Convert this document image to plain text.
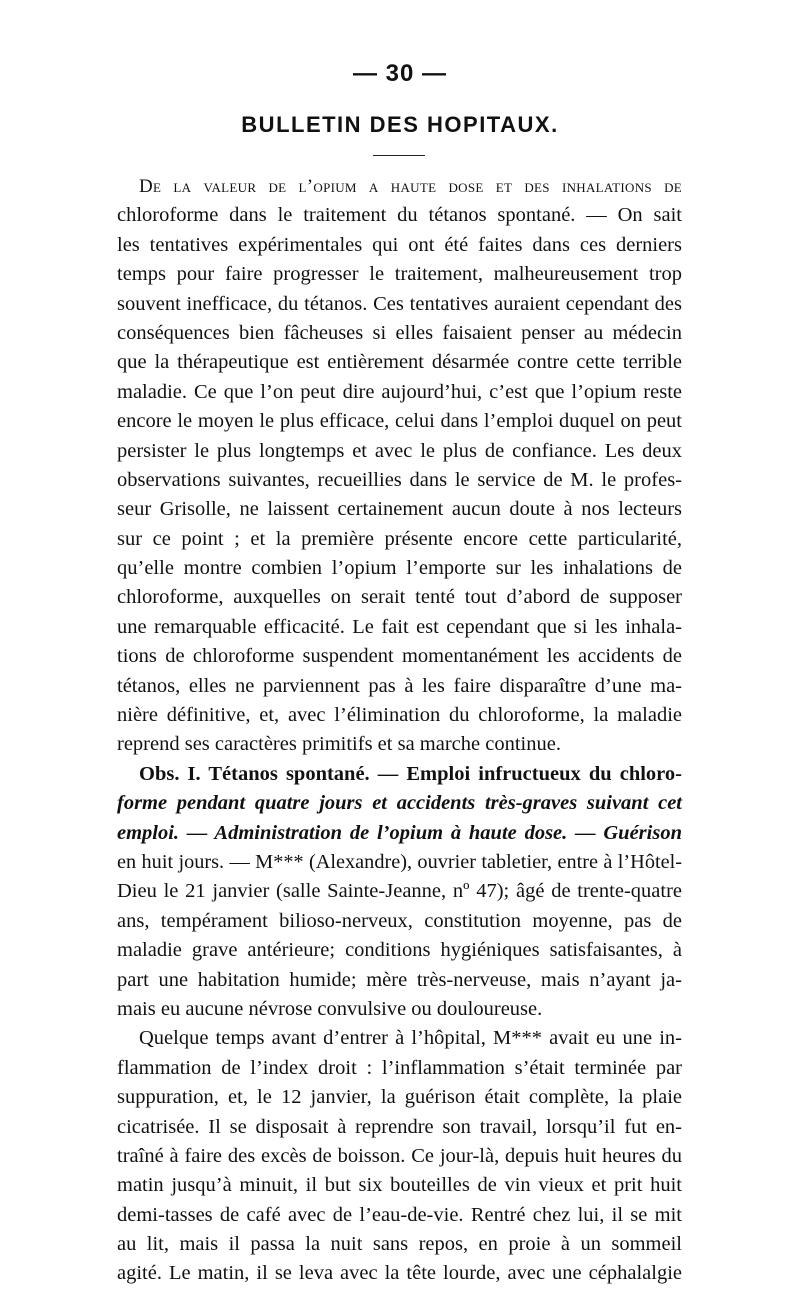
— 30 —
BULLETIN DES HOPITAUX.
De la valeur de l’opium a haute dose et des inhalations de
chloroforme dans le traitement du tétanos spontané. — On sait
les tentatives expérimentales qui ont été faites dans ces derniers
temps pour faire progresser le traitement, malheureusement trop
souvent inefficace, du tétanos. Ces tentatives auraient cependant des
conséquences bien fâcheuses si elles faisaient penser au médecin
que la thérapeutique est entièrement désarmée contre cette terrible
maladie. Ce que l’on peut dire aujourd’hui, c’est que l’opium reste
encore le moyen le plus efficace, celui dans l’emploi duquel on peut
persister le plus longtemps et avec le plus de confiance. Les deux
observations suivantes, recueillies dans le service de M. le profes-
seur Grisolle, ne laissent certainement aucun doute à nos lecteurs
sur ce point ; et la première présente encore cette particularité,
qu’elle montre combien l’opium l’emporte sur les inhalations de
chloroforme, auxquelles on serait tenté tout d’abord de supposer
une remarquable efficacité. Le fait est cependant que si les inhala-
tions de chloroforme suspendent momentanément les accidents de
tétanos, elles ne parviennent pas à les faire disparaître d’une ma-
nière définitive, et, avec l’élimination du chloroforme, la maladie
reprend ses caractères primitifs et sa marche continue.
Obs. I. Tétanos spontané. — Emploi infructueux du chloro-
forme pendant quatre jours et accidents très-graves suivant cet
emploi. — Administration de l’opium à haute dose. — Guérison
en huit jours. — M*** (Alexandre), ouvrier tabletier, entre à l’Hôtel-
Dieu le 21 janvier (salle Sainte-Jeanne, nº 47); âgé de trente-quatre
ans, tempérament bilioso-nerveux, constitution moyenne, pas de
maladie grave antérieure; conditions hygiéniques satisfaisantes, à
part une habitation humide; mère très-nerveuse, mais n’ayant ja-
mais eu aucune névrose convulsive ou douloureuse.
Quelque temps avant d’entrer à l’hôpital, M*** avait eu une in-
flammation de l’index droit : l’inflammation s’était terminée par
suppuration, et, le 12 janvier, la guérison était complète, la plaie
cicatrisée. Il se disposait à reprendre son travail, lorsqu’il fut en-
traîné à faire des excès de boisson. Ce jour-là, depuis huit heures du
matin jusqu’à minuit, il but six bouteilles de vin vieux et prit huit
demi-tasses de café avec de l’eau-de-vie. Rentré chez lui, il se mit
au lit, mais il passa la nuit sans repos, en proie à un sommeil
agité. Le matin, il se leva avec la tête lourde, avec une céphalalgie
